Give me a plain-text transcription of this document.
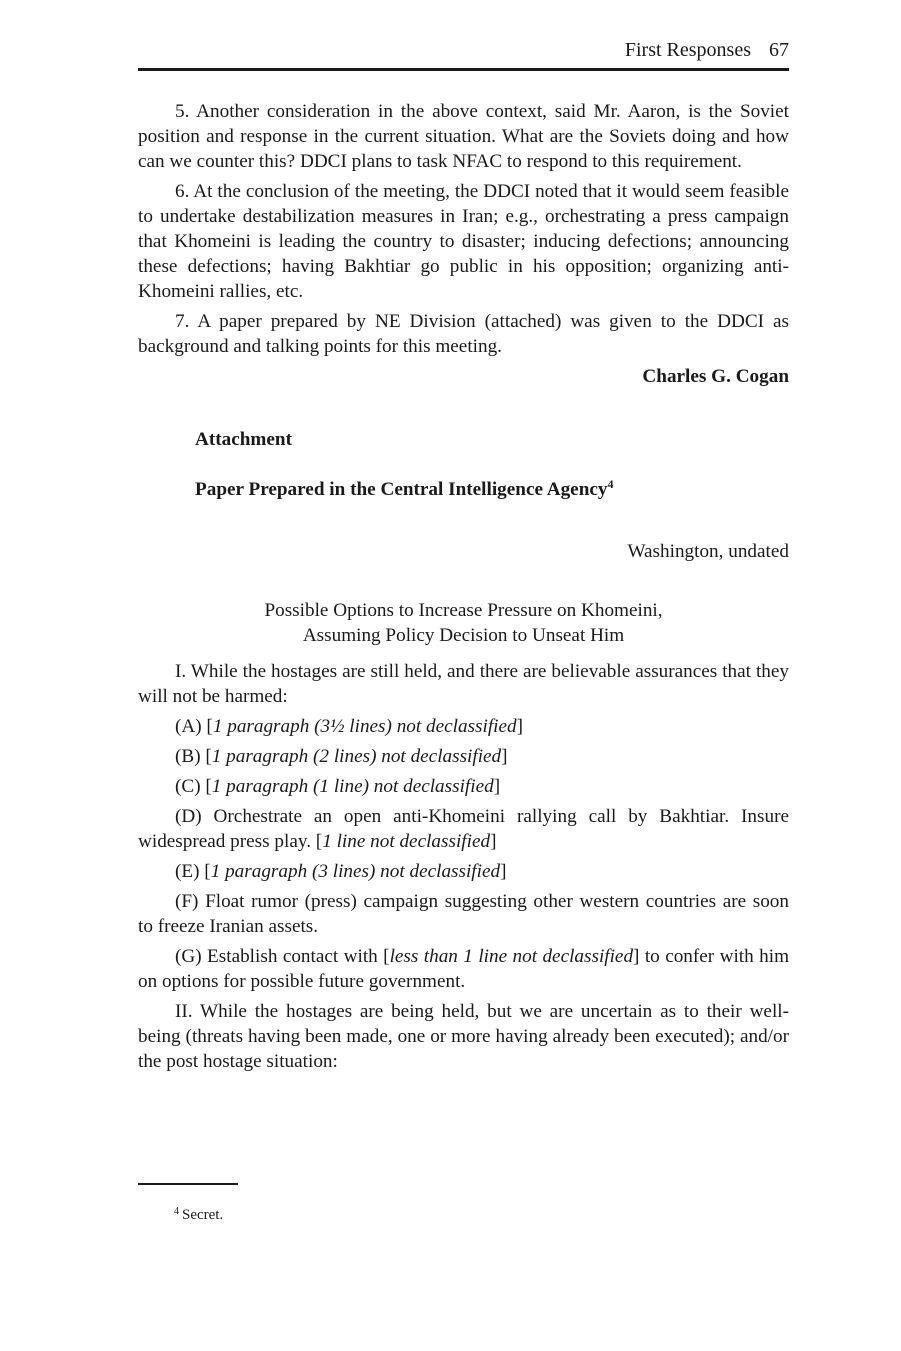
First Responses 67

5. Another consideration in the above context, said Mr. Aaron, is the Soviet position and response in the current situation. What are the Soviets doing and how can we counter this? DDCI plans to task NFAC to respond to this requirement.

6. At the conclusion of the meeting, the DDCI noted that it would seem feasible to undertake destabilization measures in Iran; e.g., orchestrating a press campaign that Khomeini is leading the country to disaster; inducing defections; announcing these defections; having Bakhtiar go public in his opposition; organizing anti-Khomeini rallies, etc.

7. A paper prepared by NE Division (attached) was given to the DDCI as background and talking points for this meeting.

Charles G. Cogan

Attachment

Paper Prepared in the Central Intelligence Agency$^4$

Washington, undated

Possible Options to Increase Pressure on Khomeini,
Assuming Policy Decision to Unseat Him

I. While the hostages are still held, and there are believable assurances that they will not be harmed:

(A) [1 paragraph (3½ lines) not declassified]

(B) [1 paragraph (2 lines) not declassified]

(C) [1 paragraph (1 line) not declassified]

(D) Orchestrate an open anti-Khomeini rallying call by Bakhtiar. Insure widespread press play. [1 line not declassified]

(E) [1 paragraph (3 lines) not declassified]

(F) Float rumor (press) campaign suggesting other western countries are soon to freeze Iranian assets.

(G) Establish contact with [less than 1 line not declassified] to confer with him on options for possible future government.

II. While the hostages are being held, but we are uncertain as to their well-being (threats having been made, one or more having already been executed); and/or the post hostage situation:

$^4$ Secret.
